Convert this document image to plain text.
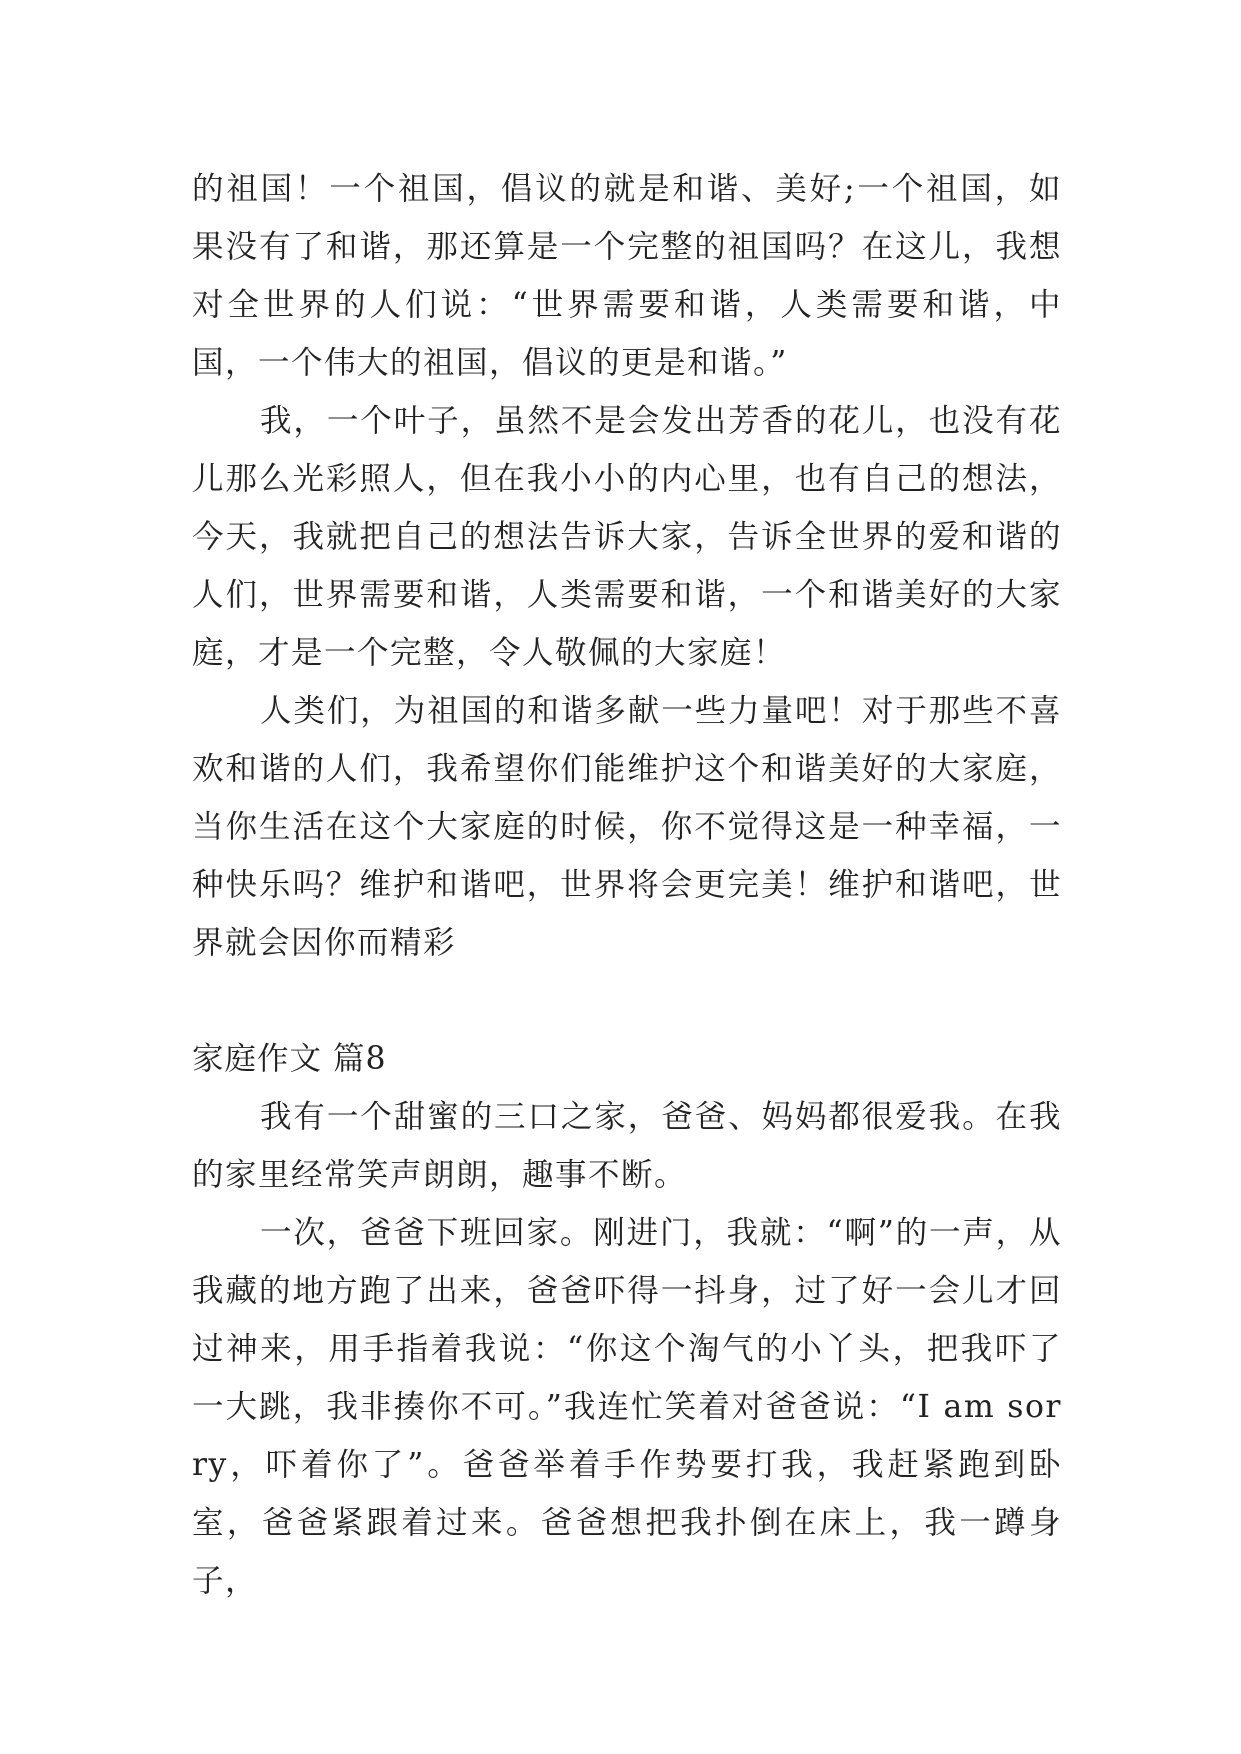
的祖国！一个祖国，倡议的就是和谐、美好;一个祖国，如果没有了和谐，那还算是一个完整的祖国吗？在这儿，我想对全世界的人们说：“世界需要和谐，人类需要和谐，中国，一个伟大的祖国，倡议的更是和谐。”

我，一个叶子，虽然不是会发出芳香的花儿，也没有花儿那么光彩照人，但在我小小的内心里，也有自己的想法，今天，我就把自己的想法告诉大家，告诉全世界的爱和谐的人们，世界需要和谐，人类需要和谐，一个和谐美好的大家庭，才是一个完整，令人敬佩的大家庭！

人类们，为祖国的和谐多献一些力量吧！对于那些不喜欢和谐的人们，我希望你们能维护这个和谐美好的大家庭，当你生活在这个大家庭的时候，你不觉得这是一种幸福，一种快乐吗？维护和谐吧，世界将会更完美！维护和谐吧，世界就会因你而精彩

家庭作文 篇8

我有一个甜蜜的三口之家，爸爸、妈妈都很爱我。在我的家里经常笑声朗朗，趣事不断。

一次，爸爸下班回家。刚进门，我就：“啊”的一声，从我藏的地方跑了出来，爸爸吓得一抖身，过了好一会儿才回过神来，用手指着我说：“你这个淘气的小丫头，把我吓了一大跳，我非揍你不可。”我连忙笑着对爸爸说：“I am sorry，吓着你了”。爸爸举着手作势要打我，我赶紧跑到卧室，爸爸紧跟着过来。爸爸想把我扑倒在床上，我一蹲身子，
